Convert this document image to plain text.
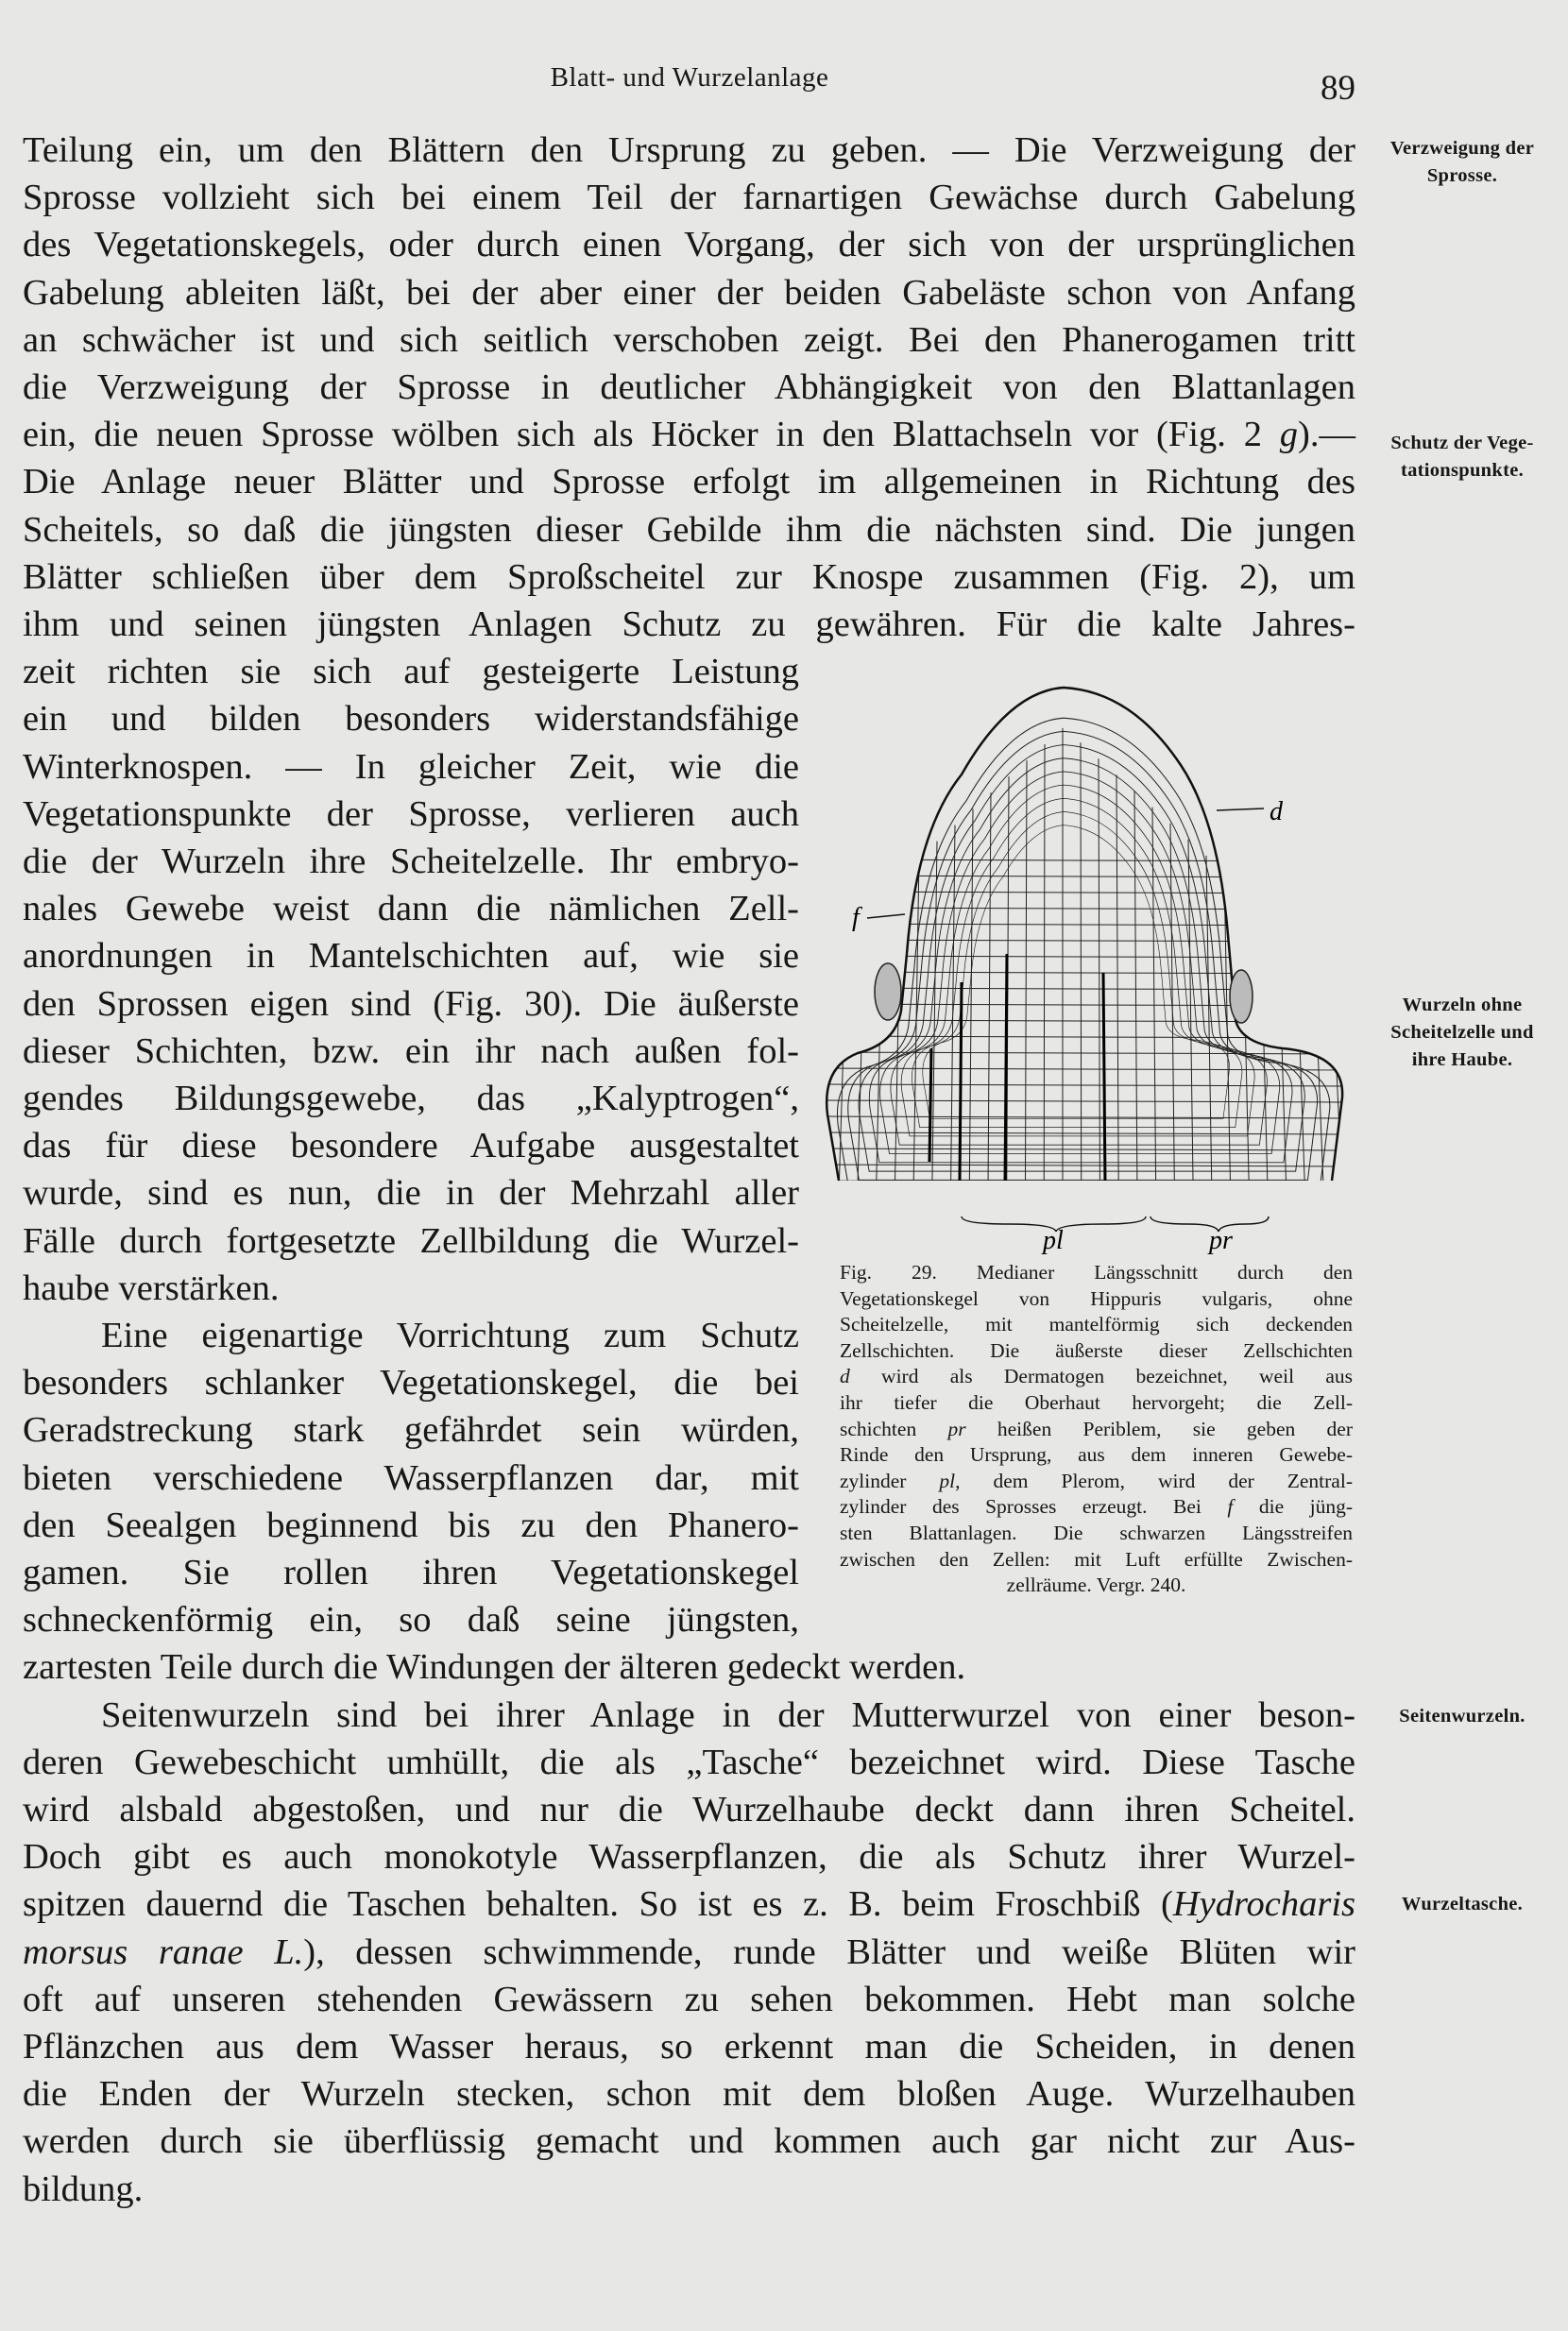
Blatt- und Wurzelanlage	89
Teilung ein, um den Blättern den Ursprung zu geben. — Die Verzweigung der
Sprosse vollzieht sich bei einem Teil der farnartigen Gewächse durch Gabelung
des Vegetationskegels, oder durch einen Vorgang, der sich von der ursprünglichen
Gabelung ableiten läßt, bei der aber einer der beiden Gabeläste schon von Anfang
an schwächer ist und sich seitlich verschoben zeigt. Bei den Phanerogamen tritt
die Verzweigung der Sprosse in deutlicher Abhängigkeit von den Blattanlagen
ein, die neuen Sprosse wölben sich als Höcker in den Blattachseln vor (Fig. 2 g).—
Die Anlage neuer Blätter und Sprosse erfolgt im allgemeinen in Richtung des
Scheitels, so daß die jüngsten dieser Gebilde ihm die nächsten sind. Die jungen
Blätter schließen über dem Sproßscheitel zur Knospe zusammen (Fig. 2), um
ihm und seinen jüngsten Anlagen Schutz zu gewähren. Für die kalte Jahres-
zeit richten sie sich auf gesteigerte Leistung
ein und bilden besonders widerstandsfähige
Winterknospen. — In gleicher Zeit, wie die
Vegetationspunkte der Sprosse, verlieren auch
die der Wurzeln ihre Scheitelzelle. Ihr embryo-
nales Gewebe weist dann die nämlichen Zell-
anordnungen in Mantelschichten auf, wie sie
den Sprossen eigen sind (Fig. 30). Die äußerste
dieser Schichten, bzw. ein ihr nach außen fol-
gendes Bildungsgewebe, das „Kalyptrogen“,
das für diese besondere Aufgabe ausgestaltet
wurde, sind es nun, die in der Mehrzahl aller
Fälle durch fortgesetzte Zellbildung die Wurzel-
haube verstärken.
Eine eigenartige Vorrichtung zum Schutz
besonders schlanker Vegetationskegel, die bei
Geradstreckung stark gefährdet sein würden,
bieten verschiedene Wasserpflanzen dar, mit
den Seealgen beginnend bis zu den Phanero-
gamen. Sie rollen ihren Vegetationskegel
schneckenförmig ein, so daß seine jüngsten,
zartesten Teile durch die Windungen der älteren gedeckt werden.
Seitenwurzeln sind bei ihrer Anlage in der Mutterwurzel von einer beson-
deren Gewebeschicht umhüllt, die als „Tasche“ bezeichnet wird. Diese Tasche
wird alsbald abgestoßen, und nur die Wurzelhaube deckt dann ihren Scheitel.
Doch gibt es auch monokotyle Wasserpflanzen, die als Schutz ihrer Wurzel-
spitzen dauernd die Taschen behalten. So ist es z. B. beim Froschbiß (Hydrocharis
morsus ranae L.), dessen schwimmende, runde Blätter und weiße Blüten wir
oft auf unseren stehenden Gewässern zu sehen bekommen. Hebt man solche
Pflänzchen aus dem Wasser heraus, so erkennt man die Scheiden, in denen
die Enden der Wurzeln stecken, schon mit dem bloßen Auge. Wurzelhauben
werden durch sie überflüssig gemacht und kommen auch gar nicht zur Aus-
bildung.
Verzweigung der
Sprosse.
Schutz der Vege-
tationspunkte.
Wurzeln ohne
Scheitelzelle und
ihre Haube.
Seitenwurzeln.
Wurzeltasche.
d
f
pl	pr
Fig. 29. Medianer Längsschnitt durch den
Vegetationskegel von Hippuris vulgaris, ohne
Scheitelzelle, mit mantelförmig sich deckenden
Zellschichten. Die äußerste dieser Zellschichten
d wird als Dermatogen bezeichnet, weil aus
ihr tiefer die Oberhaut hervorgeht; die Zell-
schichten pr heißen Periblem, sie geben der
Rinde den Ursprung, aus dem inneren Gewebe-
zylinder pl, dem Plerom, wird der Zentral-
zylinder des Sprosses erzeugt. Bei f die jüng-
sten Blattanlagen. Die schwarzen Längsstreifen
zwischen den Zellen: mit Luft erfüllte Zwischen-
zellräume. Vergr. 240.
